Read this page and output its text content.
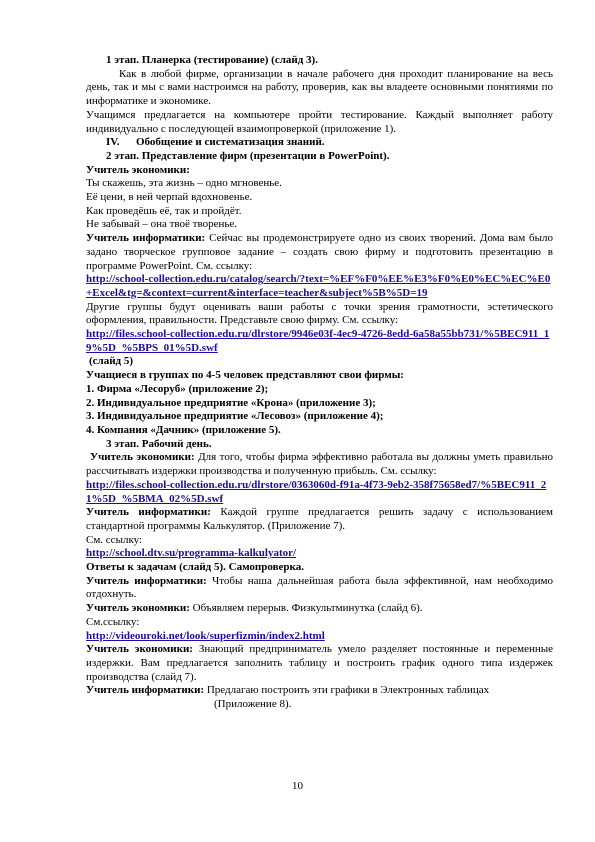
1 этап. Планерка (тестирование) (слайд 3).

Как в любой фирме, организации в начале рабочего дня проходит планирование на весь день, так и мы с вами настроимся на работу, проверив, как вы владеете основными понятиями по информатике и экономике.

Учащимся предлагается на компьютере пройти тестирование. Каждый выполняет работу индивидуально с последующей взаимопроверкой (приложение 1).

IV. Обобщение и систематизация знаний.

2 этап. Представление фирм (презентации в PowerPoint).

Учитель экономики:

Ты скажешь, эта жизнь – одно мгновенье.

Её цени, в ней черпай вдохновенье.

Как проведёшь её, так и пройдёт.

Не забывай – она твоё творенье.

Учитель информатики: Сейчас вы продемонстрируете одно из своих творений. Дома вам было задано творческое групповое задание – создать свою фирму и подготовить презентацию в программе PowerPoint. См. ссылку:

http://school-collection.edu.ru/catalog/search/?text=%EF%F0%EE%E3%F0%E0%EC%EC%E0+Excel&tg=&context=current&interface=teacher&subject%5B%5D=19

Другие группы будут оценивать ваши работы с точки зрения грамотности, эстетического оформления, правильности. Представьте свою фирму. См. ссылку:

http://files.school-collection.edu.ru/dlrstore/9946e03f-4ec9-4726-8edd-6a58a55bb731/%5BEC911_19%5D_%5BPS_01%5D.swf

(слайд 5)

Учащиеся в группах по 4-5 человек представляют свои фирмы:

1. Фирма «Лесоруб» (приложение 2);

2. Индивидуальное предприятие «Крона» (приложение 3);

3. Индивидуальное предприятие «Лесовоз» (приложение 4);

4. Компания «Дачник» (приложение 5).

3 этап. Рабочий день.

Учитель экономики: Для того, чтобы фирма эффективно работала вы должны уметь правильно рассчитывать издержки производства и полученную прибыль. См. ссылку:

http://files.school-collection.edu.ru/dlrstore/0363060d-f91a-4f73-9eb2-358f75658ed7/%5BEC911_21%5D_%5BMA_02%5D.swf

Учитель информатики: Каждой группе предлагается решить задачу с использованием стандартной программы Калькулятор. (Приложение 7).

См. ссылку:

http://school.dtv.su/programma-kalkulyator/

Ответы к задачам (слайд 5). Самопроверка.

Учитель информатики: Чтобы наша дальнейшая работа была эффективной, нам необходимо отдохнуть.

Учитель экономики: Объявляем перерыв. Физкультминутка (слайд 6).

См.ссылку:

http://videouroki.net/look/superfizmin/index2.html

Учитель экономики: Знающий предприниматель умело разделяет постоянные и переменные издержки. Вам предлагается заполнить таблицу и построить график одного типа издержек производства (слайд 7).

Учитель информатики: Предлагаю построить эти графики в Электронных таблицах

(Приложение 8).

10
